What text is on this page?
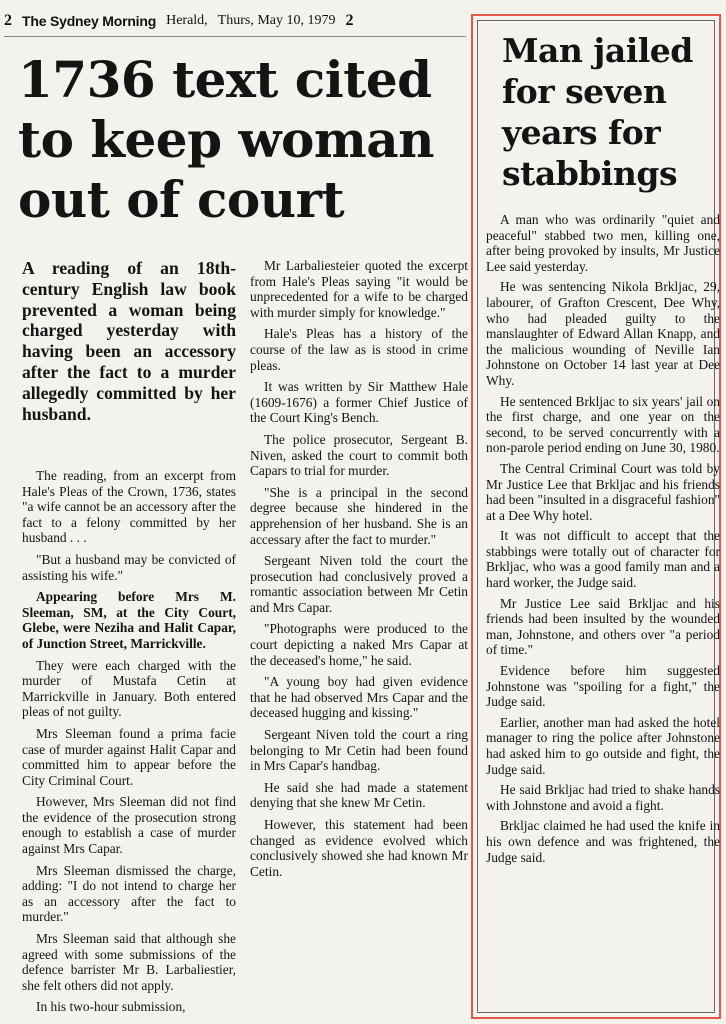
2 The Sydney Morning Herald, Thurs, May 10, 1979 2
1736 text cited
to keep woman
out of court
A reading of an 18th-century English law book prevented a woman being charged yesterday with having been an accessory after the fact to a murder allegedly committed by her husband.

The reading, from an excerpt from Hale's Pleas of the Crown, 1736, states "a wife cannot be an accessory after the fact to a felony committed by her husband . . .

"But a husband may be convicted of assisting his wife."

Appearing before Mrs M. Sleeman, SM, at the City Court, Glebe, were Neziha and Halit Capar, of Junction Street, Marrickville.

They were each charged with the murder of Mustafa Cetin at Marrickville in January. Both entered pleas of not guilty.

Mrs Sleeman found a prima facie case of murder against Halit Capar and committed him to appear before the City Criminal Court.

However, Mrs Sleeman did not find the evidence of the prosecution strong enough to establish a case of murder against Mrs Capar.

Mrs Sleeman dismissed the charge, adding: "I do not intend to charge her as an accessory after the fact to murder."

Mrs Sleeman said that although she agreed with some submissions of the defence barrister Mr B. Larbaliestier, she felt others did not apply.

In his two-hour submission,

Mr Larbaliesteier quoted the excerpt from Hale's Pleas saying "it would be unprecedented for a wife to be charged with murder simply for knowledge."

Hale's Pleas has a history of the course of the law as is stood in crime pleas.

It was written by Sir Matthew Hale (1609-1676) a former Chief Justice of the Court King's Bench.

The police prosecutor, Sergeant B. Niven, asked the court to commit both Capars to trial for murder.

"She is a principal in the second degree because she hindered in the apprehension of her husband. She is an accessary after the fact to murder."

Sergeant Niven told the court the prosecution had conclusively proved a romantic association between Mr Cetin and Mrs Capar.

"Photographs were produced to the court depicting a naked Mrs Capar at the deceased's home," he said.

"A young boy had given evidence that he had observed Mrs Capar and the deceased hugging and kissing."

Sergeant Niven told the court a ring belonging to Mr Cetin had been found in Mrs Capar's handbag.

He said she had made a statement denying that she knew Mr Cetin.

However, this statement had been changed as evidence evolved which conclusively showed she had known Mr Cetin.

Man jailed
for seven
years for
stabbings

A man who was ordinarily "quiet and peaceful" stabbed two men, killing one, after being provoked by insults, Mr Justice Lee said yesterday.

He was sentencing Nikola Brkljac, 29, labourer, of Grafton Crescent, Dee Why, who had pleaded guilty to the manslaughter of Edward Allan Knapp, and the malicious wounding of Neville Ian Johnstone on October 14 last year at Dee Why.

He sentenced Brkljac to six years' jail on the first charge, and one year on the second, to be served concurrently with a non-parole period ending on June 30, 1980.

The Central Criminal Court was told by Mr Justice Lee that Brkljac and his friends had been "insulted in a disgraceful fashion" at a Dee Why hotel.

It was not difficult to accept that the stabbings were totally out of character for Brkljac, who was a good family man and a hard worker, the Judge said.

Mr Justice Lee said Brkljac and his friends had been insulted by the wounded man, Johnstone, and others over "a period of time."

Evidence before him suggested Johnstone was "spoiling for a fight," the Judge said.

Earlier, another man had asked the hotel manager to ring the police after Johnstone had asked him to go outside and fight, the Judge said.

He said Brkljac had tried to shake hands with Johnstone and avoid a fight.

Brkljac claimed he had used the knife in his own defence and was frightened, the Judge said.
